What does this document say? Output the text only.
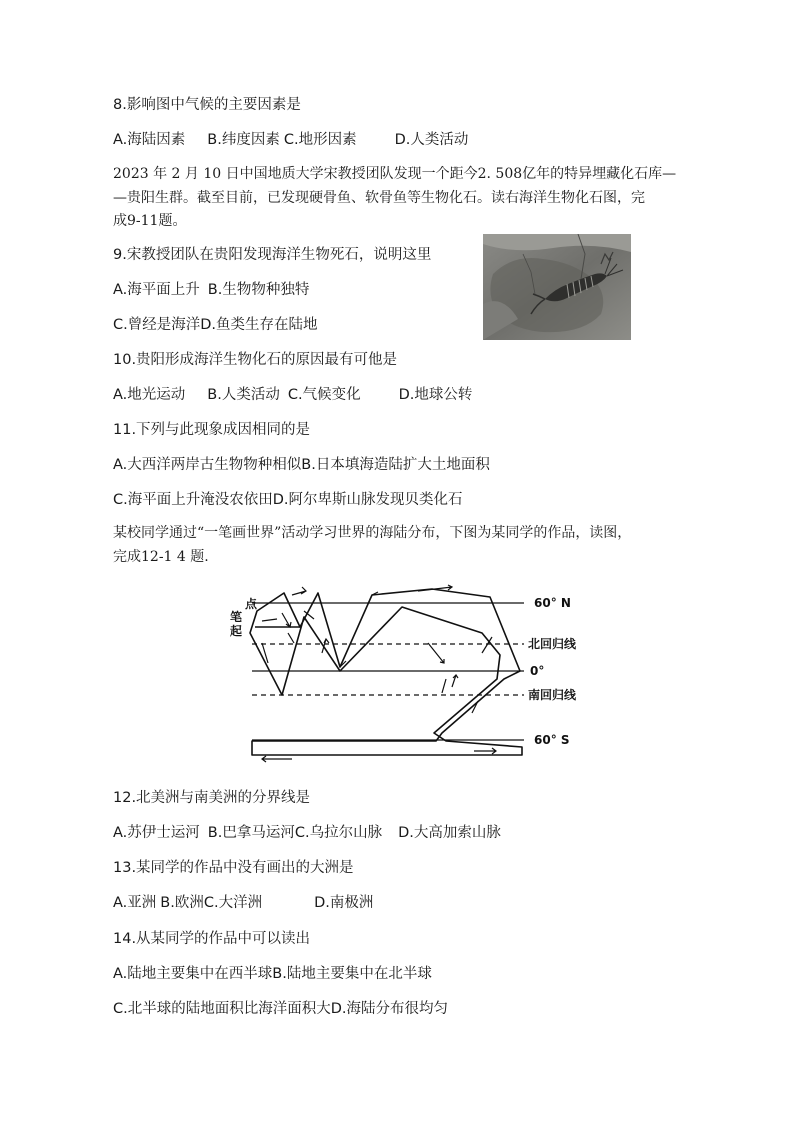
8.影响图中气候的主要因素是
A.海陆因素 B.纬度因素 C.地形因素	D.人类活动
2023 年 2 月 10 日中国地质大学宋教授团队发现一个距今2. 508亿年的特异埋藏化石库—
—贵阳生群。截至目前，已发现硬骨鱼、软骨鱼等生物化石。读右海洋生物化石图，完
成9-11题。
9.宋教授团队在贵阳发现海洋生物死石，说明这里
A.海平面上升 B.生物物种独特
C.曾经是海洋D.鱼类生存在陆地
10.贵阳形成海洋生物化石的原因最有可他是
A.地光运动 B.人类活动 C.气候变化	D.地球公转
11.下列与此现象成因相同的是
A.大西洋两岸古生物物种相似B.日本填海造陆扩大土地面积
C.海平面上升淹没农依田D.阿尔卑斯山脉发现贝类化石
某校同学通过“一笔画世界”活动学习世界的海陆分布，下图为某同学的作品，读图，
完成12-1 4 题.
60° N
北回归线
0°
南回归线
60° S
点
笔
起
12.北美洲与南美洲的分界线是
A.苏伊士运河 B.巴拿马运河C.乌拉尔山脉 D.大高加索山脉
13.某同学的作品中没有画出的大洲是
A.亚洲 B.欧洲C.大洋洲	D.南极洲
14.从某同学的作品中可以读出
A.陆地主要集中在西半球B.陆地主要集中在北半球
C.北半球的陆地面积比海洋面积大D.海陆分布很均匀
